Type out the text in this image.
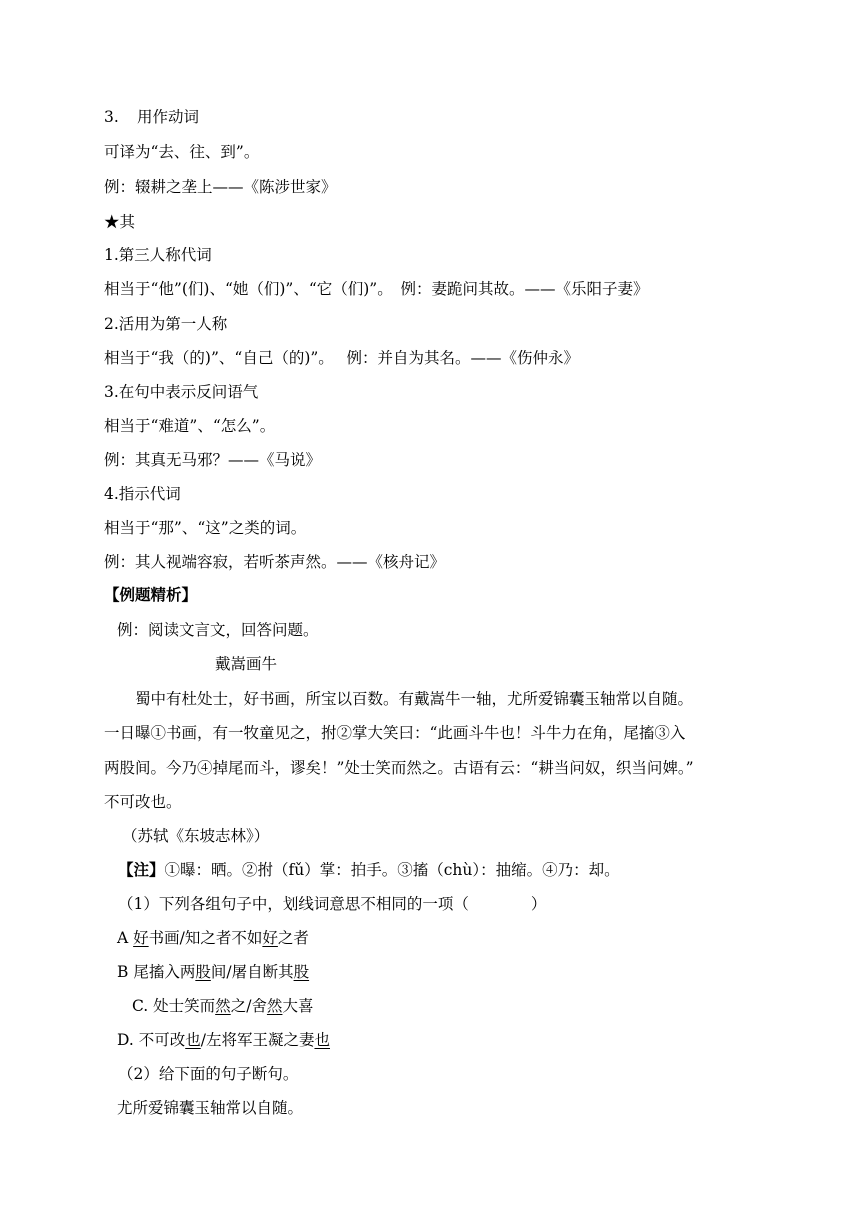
3. 用作动词
可译为“去、往、到”。
例：辍耕之垄上——《陈涉世家》
★其
1.第三人称代词
相当于“他”(们)、“她（们)”、“它（们)”。　例：妻跪问其故。——《乐阳子妻》
2.活用为第一人称
相当于“我（的)”、“自己（的)”。　 例：并自为其名。——《伤仲永》
3.在句中表示反问语气
相当于“难道”、“怎么”。
例：其真无马邪？——《马说》
4.指示代词
相当于“那”、“这”之类的词。
例：其人视端容寂，若听茶声然。——《核舟记》
【例题精析】
例：阅读文言文，回答问题。
戴嵩画牛
蜀中有杜处士，好书画，所宝以百数。有戴嵩牛一轴，尤所爱锦囊玉轴常以自随。
一日曝①书画，有一牧童见之，拊②掌大笑曰：“此画斗牛也！斗牛力在角，尾搐③入
两股间。今乃④掉尾而斗，谬矣！”处士笑而然之。古语有云：“耕当问奴，织当问婢。”
不可改也。
（苏轼《东坡志林》）
【注】①曝：晒。②拊（fǔ）掌：拍手。③搐（chù）：抽缩。④乃：却。
（1）下列各组句子中，划线词意思不相同的一项（　　　　）
A 好书画/知之者不如好之者
B 尾搐入两股间/屠自断其股
C. 处士笑而然之/舍然大喜
D. 不可改也/左将军王凝之妻也
（2）给下面的句子断句。
尤所爱锦囊玉轴常以自随。
